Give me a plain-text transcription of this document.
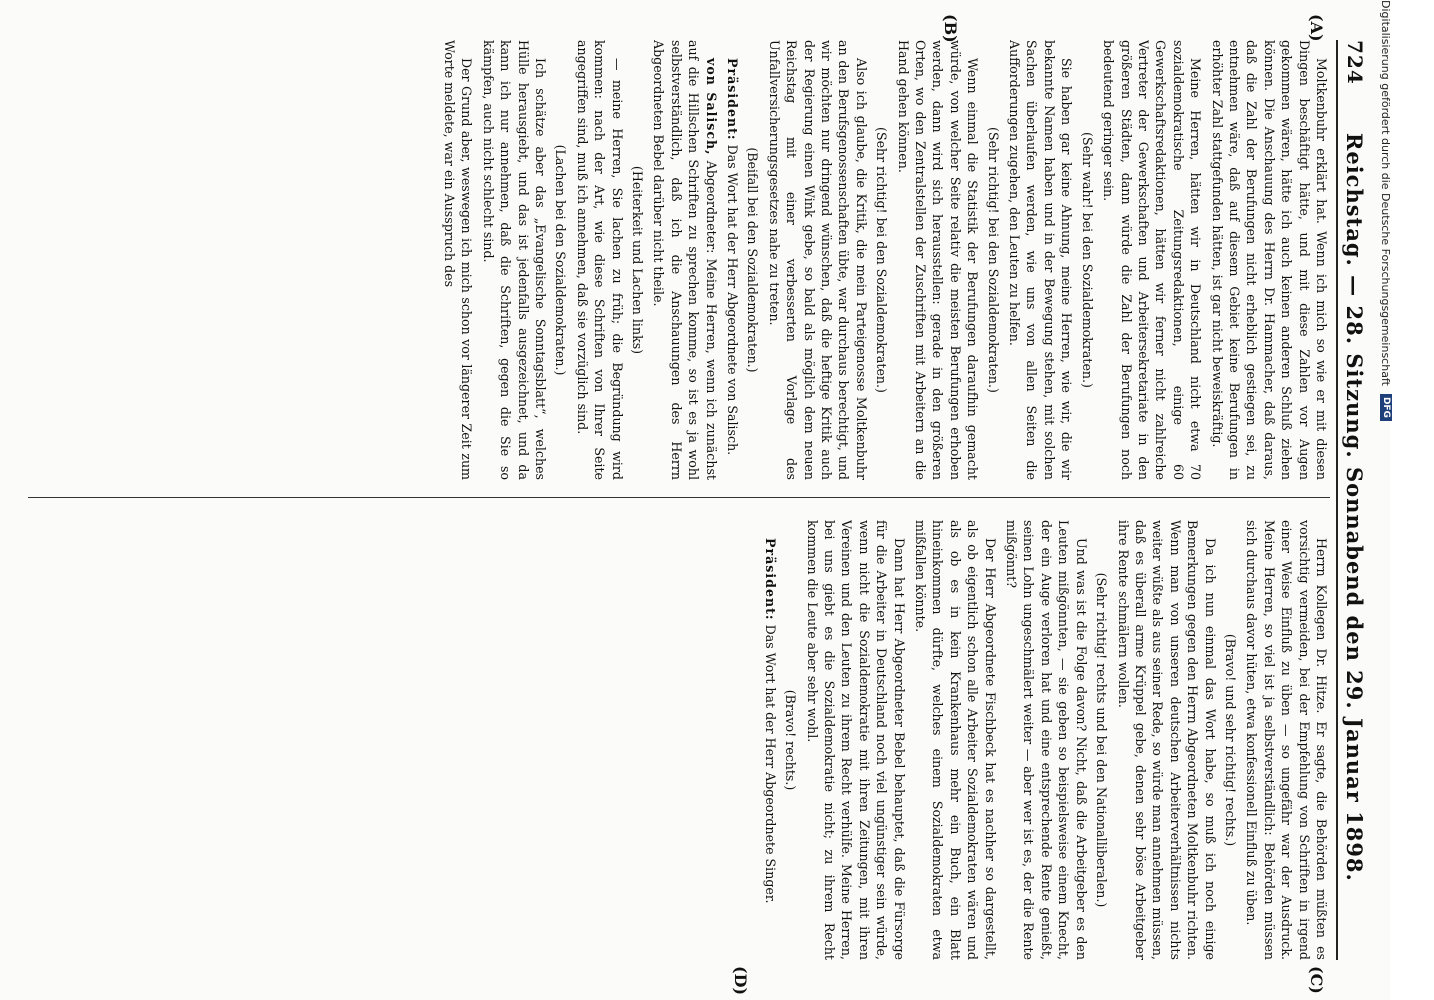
724
Reichstag. — 28. Sitzung. Sonnabend den 29. Januar 1898.
(A)
(B)
(C)
(D)

Moltkenbuhr erklärt hat. Wenn ich mich so wie er mit diesen Dingen beschäftigt hätte, und mit diese Zahlen vor Augen gekommen wären, hätte ich auch keinen anderen Schluß ziehen können. Die Anschauung des Herrn Dr. Hammacher, daß daraus, daß die Zahl der Berufungen nicht erheblich gestiegen sei, zu entnehmen wäre, daß auf diesem Gebiet keine Berufungen in erhöhter Zahl stattgefunden hätten, ist gar nicht beweiskräftig.

Meine Herren, hätten wir in Deutschland nicht etwa 70 sozialdemokratische Zeitungsredaktionen, einige 60 Gewerkschaftsredaktionen, hätten wir ferner nicht zahlreiche Vertreter der Gewerkschaften und Arbeitersekretariate in den größeren Städten, dann würde die Zahl der Berufungen noch bedeutend geringer sein.

(Sehr wahr! bei den Sozialdemokraten.)

Sie haben gar keine Ahnung, meine Herren, wie wir, die wir bekannte Namen haben und in der Bewegung stehen, mit solchen Sachen überlaufen werden, wie uns von allen Seiten die Aufforderungen zugehen, den Leuten zu helfen.

(Sehr richtig! bei den Sozialdemokraten.)

Wenn einmal die Statistik der Berufungen daraufhin gemacht würde, von welcher Seite relativ die meisten Berufungen erhoben werden, dann wird sich herausstellen: gerade in den größeren Orten, wo den Zentralstellen der Zuschriften mit Arbeitern an die Hand gehen können.

(Sehr richtig! bei den Sozialdemokraten.)

Also ich glaube, die Kritik, die mein Parteigenosse Moltkenbuhr an den Berufsgenossenschaften übte, war durchaus berechtigt, und wir möchten nur dringend wünschen, daß die heftige Kritik auch der Regierung einen Wink gebe, so bald als möglich dem neuen Reichstag mit einer verbesserten Vorlage des Unfallversicherungsgesetzes nahe zu treten.

(Beifall bei den Sozialdemokraten.)

Präsident: Das Wort hat der Herr Abgeordnete von Salisch.

von Salisch, Abgeordneter: Meine Herren, wenn ich zunächst auf die Hillschen Schriften zu sprechen komme, so ist es ja wohl selbstverständlich, daß ich die Anschauungen des Herrn Abgeordneten Bebel darüber nicht theile.

(Heiterkeit und Lachen links)

— meine Herren, Sie lachen zu früh; die Begründung wird kommen: nach der Art, wie diese Schriften von Ihrer Seite angegriffen sind, muß ich annehmen, daß sie vorzüglich sind.

(Lachen bei den Sozialdemokraten.)

Ich schätze aber das „Evangelische Sonntagsblatt“, welches Hülle herausgiebt, und das ist jedenfalls ausgezeichnet, und da kann ich nur annehmen, daß die Schriften, gegen die Sie so kämpfen, auch nicht schlecht sind.

Der Grund aber, weswegen ich mich schon vor längerer Zeit zum Worte meldete, war ein Ausspruch des

Herrn Kollegen Dr. Hitze. Er sagte, die Behörden müßten es vorsichtig vermeiden, bei der Empfehlung von Schriften in irgend einer Weise Einfluß zu üben — so ungefähr war der Ausdruck. Meine Herren, so viel ist ja selbstverständlich: Behörden müssen sich durchaus davor hüten, etwa konfessionell Einfluß zu üben.

(Bravo! und sehr richtig! rechts.)

Da ich nun einmal das Wort habe, so muß ich noch einige Bemerkungen gegen den Herrn Abgeordneten Moltkenbuhr richten. Wenn man von unseren deutschen Arbeiterverhältnissen nichts weiter wüßte als aus seiner Rede, so würde man annehmen müssen, daß es überall arme Krüppel gebe, denen sehr böse Arbeitgeber ihre Rente schmälern wollen.

(Sehr richtig! rechts und bei den Nationalliberalen.)

Und was ist die Folge davon? Nicht, daß die Arbeitgeber es den Leuten mißgönnten, — sie geben so beispielsweise einem Knecht, der ein Auge verloren hat und eine entsprechende Rente genießt, seinen Lohn ungeschmälert weiter — aber wer ist es, der die Rente mißgönnt?

Der Herr Abgeordnete Fischbeck hat es nachher so dargestellt, als ob eigentlich schon alle Arbeiter Sozialdemokraten wären und als ob es in kein Krankenhaus mehr ein Buch, ein Blatt hineinkommen dürfte, welches einem Sozialdemokraten etwa mißfallen könnte.

Dann hat Herr Abgeordneter Bebel behauptet, daß die Fürsorge für die Arbeiter in Deutschland noch viel ungünstiger sein würde, wenn nicht die Sozialdemokratie mit ihren Zeitungen, mit ihren Vereinen und den Leuten zu ihrem Recht verhülfe. Meine Herren, bei uns giebt es die Sozialdemokratie nicht; zu ihrem Recht kommen die Leute aber sehr wohl.

(Bravo! rechts.)

Präsident: Das Wort hat der Herr Abgeordnete Singer.

Digitalisierung gefördert durch die Deutsche Forschungsgemeinschaft
DFG
